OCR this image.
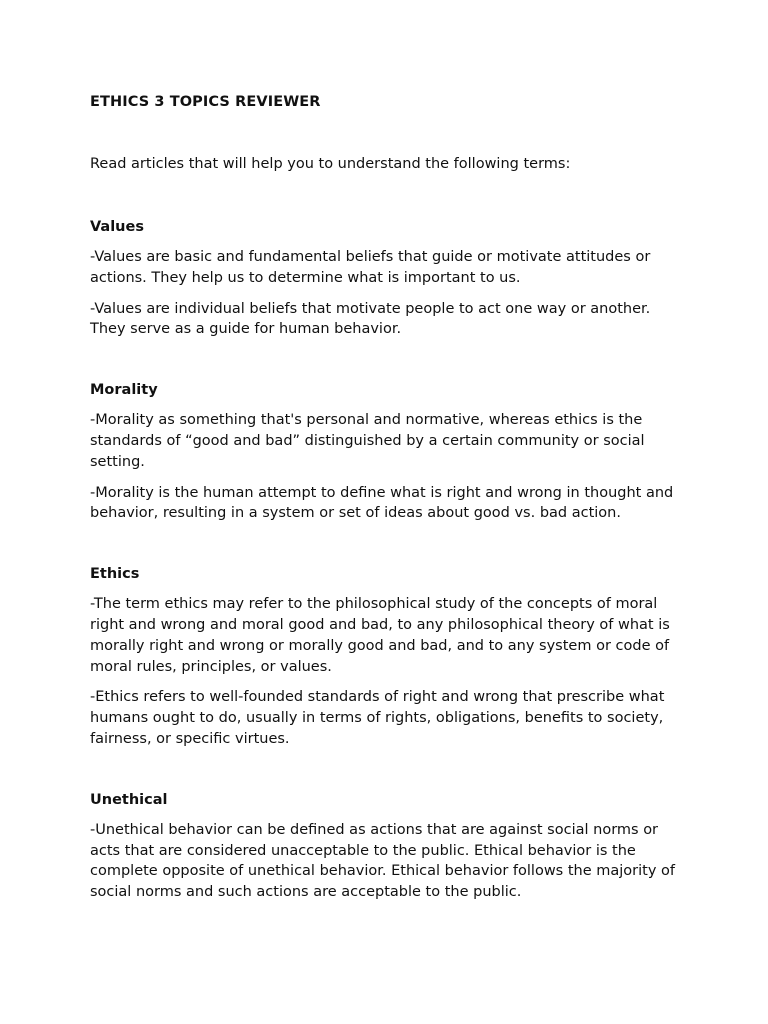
ETHICS 3 TOPICS REVIEWER

Read articles that will help you to understand the following terms:

Values

-Values are basic and fundamental beliefs that guide or motivate attitudes or actions. They help us to determine what is important to us.

-Values are individual beliefs that motivate people to act one way or another. They serve as a guide for human behavior.

Morality

-Morality as something that's personal and normative, whereas ethics is the standards of “good and bad” distinguished by a certain community or social setting.

-Morality is the human attempt to define what is right and wrong in thought and behavior, resulting in a system or set of ideas about good vs. bad action.

Ethics

-The term ethics may refer to the philosophical study of the concepts of moral right and wrong and moral good and bad, to any philosophical theory of what is morally right and wrong or morally good and bad, and to any system or code of moral rules, principles, or values.

-Ethics refers to well-founded standards of right and wrong that prescribe what humans ought to do, usually in terms of rights, obligations, benefits to society, fairness, or specific virtues.

Unethical

-Unethical behavior can be defined as actions that are against social norms or acts that are considered unacceptable to the public. Ethical behavior is the complete opposite of unethical behavior. Ethical behavior follows the majority of social norms and such actions are acceptable to the public.
